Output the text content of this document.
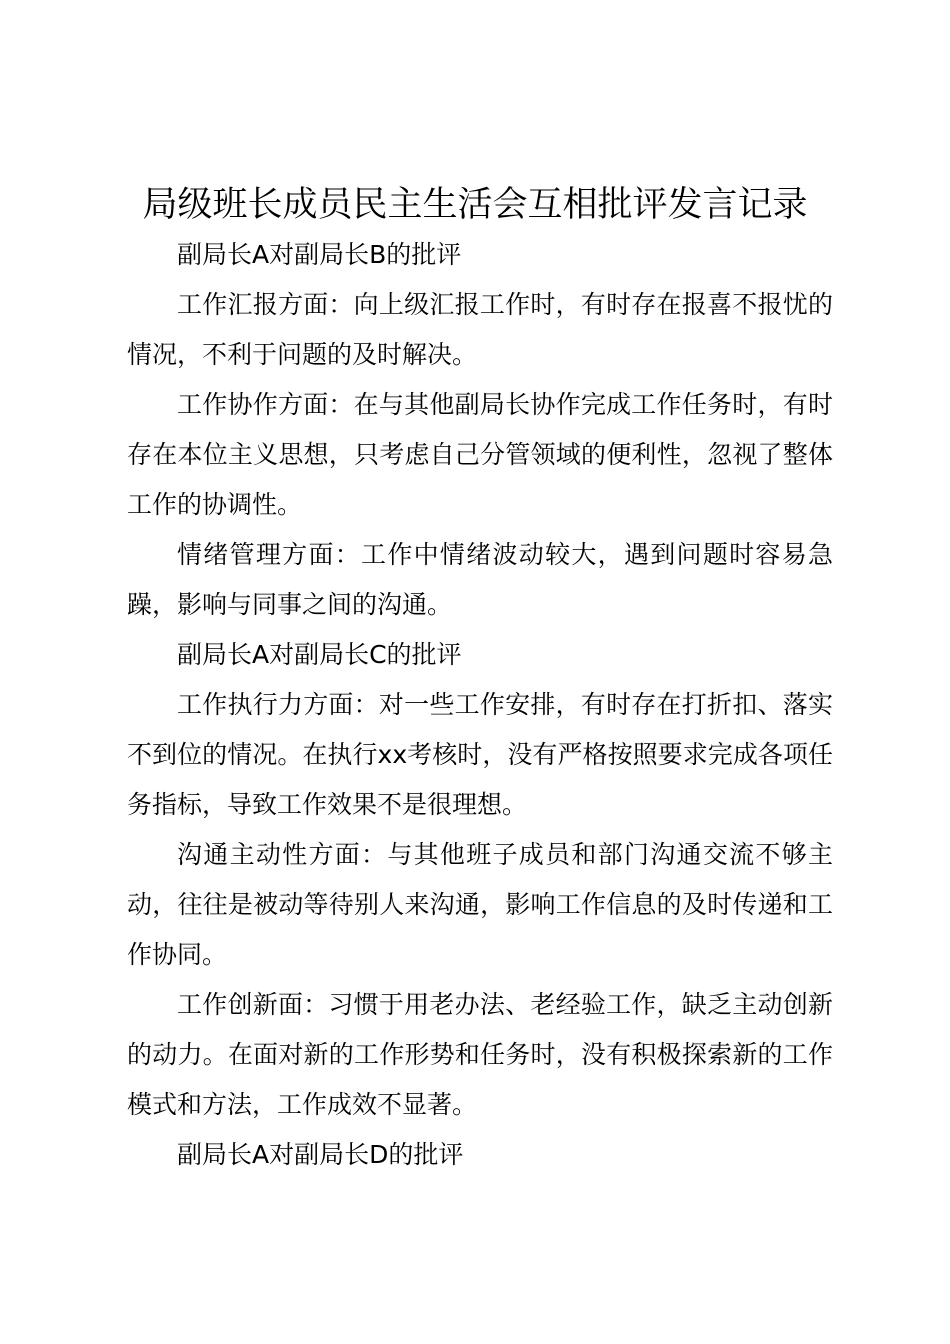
局级班长成员民主生活会互相批评发言记录

副局长A对副局长B的批评

工作汇报方面：向上级汇报工作时，有时存在报喜不报忧的情况，不利于问题的及时解决。

工作协作方面：在与其他副局长协作完成工作任务时，有时存在本位主义思想，只考虑自己分管领域的便利性，忽视了整体工作的协调性。

情绪管理方面：工作中情绪波动较大，遇到问题时容易急躁，影响与同事之间的沟通。

副局长A对副局长C的批评

工作执行力方面：对一些工作安排，有时存在打折扣、落实不到位的情况。在执行xx考核时，没有严格按照要求完成各项任务指标，导致工作效果不是很理想。

沟通主动性方面：与其他班子成员和部门沟通交流不够主动，往往是被动等待别人来沟通，影响工作信息的及时传递和工作协同。

工作创新面：习惯于用老办法、老经验工作，缺乏主动创新的动力。在面对新的工作形势和任务时，没有积极探索新的工作模式和方法，工作成效不显著。

副局长A对副局长D的批评
